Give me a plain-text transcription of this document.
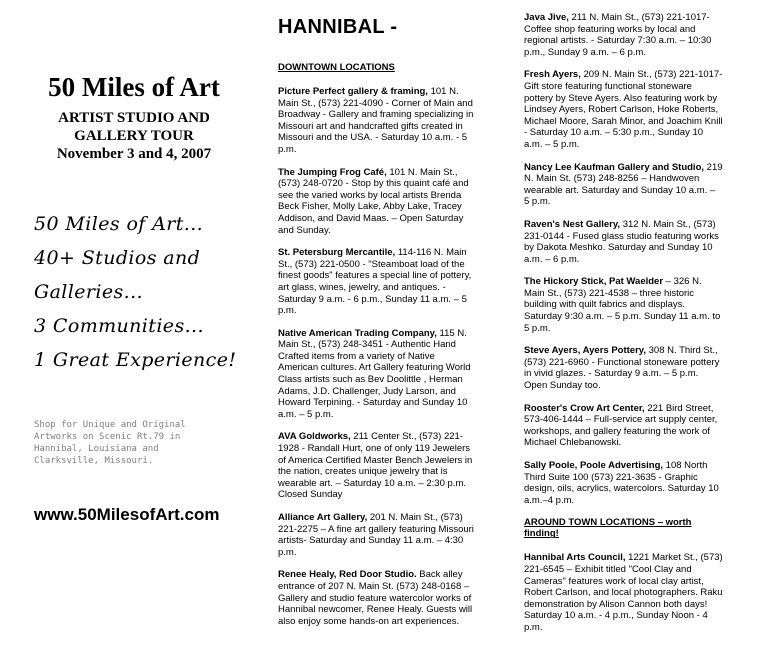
50 Miles of Art
ARTIST STUDIO AND
GALLERY TOUR
November 3 and 4, 2007
50 Miles of Art...
40+ Studios and
Galleries...
3 Communities...
1 Great Experience!
Shop for Unique and Original Artworks on Scenic Rt.79 in Hannibal, Louisiana and Clarksville, Missouri.
www.50MilesofArt.com
HANNIBAL -
DOWNTOWN LOCATIONS

Picture Perfect gallery & framing, 101 N. Main St., (573) 221-4090 - Corner of Main and Broadway - Gallery and framing specializing in Missouri art and handcrafted gifts created in Missouri and the USA. - Saturday 10 a.m. - 5 p.m.

The Jumping Frog Café, 101 N. Main St., (573) 248-0720 - Stop by this quaint café and see the varied works by local artists Brenda Beck Fisher, Molly Lake, Abby Lake, Tracey Addison, and David Maas. – Open Saturday and Sunday.

St. Petersburg Mercantile, 114-116 N. Main St., (573) 221-0500 - "Steamboat load of the finest goods" features a special line of pottery, art glass, wines, jewelry, and antiques. - Saturday 9 a.m. - 6 p.m., Sunday 11 a.m. – 5 p.m.

Native American Trading Company, 115 N. Main St., (573) 248-3451 - Authentic Hand Crafted items from a variety of Native American cultures. Art Gallery featuring World Class artists such as Bev Doolittle , Herman Adams, J.D. Challenger, Judy Larson, and Howard Terpining. - Saturday and Sunday 10 a.m. – 5 p.m.

AVA Goldworks, 211 Center St., (573) 221-1928 - Randall Hurt, one of only 119 Jewelers of America Certified Master Bench Jewelers in the nation, creates unique jewelry that is wearable art. – Saturday 10 a.m. – 2:30 p.m. Closed Sunday

Alliance Art Gallery, 201 N. Main St., (573) 221-2275 – A fine art gallery featuring Missouri artists- Saturday and Sunday 11 a.m. – 4:30 p.m.

Renee Healy, Red Door Studio. Back alley entrance of 207 N. Main St. (573) 248-0168 – Gallery and studio feature watercolor works of Hannibal newcomer, Renee Healy. Guests will also enjoy some hands-on art experiences.

Java Jive, 211 N. Main St., (573) 221-1017- Coffee shop featuring works by local and regional artists. - Saturday 7:30 a.m. – 10:30 p.m., Sunday 9 a.m. – 6 p.m.

Fresh Ayers, 209 N. Main St., (573) 221-1017- Gift store featuring functional stoneware pottery by Steve Ayers. Also featuring work by Lindsey Ayers, Robert Carlson, Hoke Roberts, Michael Moore, Sarah Minor, and Joachim Knill - Saturday 10 a.m. – 5:30 p.m., Sunday 10 a.m. – 5 p.m.

Nancy Lee Kaufman Gallery and Studio, 219 N. Main St. (573) 248-8256 – Handwoven wearable art. Saturday and Sunday 10 a.m. – 5 p.m.

Raven's Nest Gallery, 312 N. Main St., (573) 231-0144 - Fused glass studio featuring works by Dakota Meshko. Saturday and Sunday 10 a.m. – 6 p.m.

The Hickory Stick, Pat Waelder – 326 N. Main St., (573) 221-4538 – three historic building with quilt fabrics and displays. Saturday 9:30 a.m. – 5 p.m. Sunday 11 a.m. to 5 p.m.

Steve Ayers, Ayers Pottery, 308 N. Third St., (573) 221-6960 - Functional stoneware pottery in vivid glazes. - Saturday 9 a.m. – 5 p.m. Open Sunday too.

Rooster's Crow Art Center, 221 Bird Street, 573-406-1444 – Full-service art supply center, workshops, and gallery featuring the work of Michael Chlebanowski.

Sally Poole, Poole Advertising, 108 North Third Suite 100 (573) 221-3635 - Graphic design, oils, acrylics, watercolors. Saturday 10 a.m.–4 p.m.

AROUND TOWN LOCATIONS – worth finding!

Hannibal Arts Council, 1221 Market St., (573) 221-6545 – Exhibit titled "Cool Clay and Cameras" features work of local clay artist, Robert Carlson, and local photographers. Raku demonstration by Alison Cannon both days! Saturday 10 a.m. - 4 p.m., Sunday Noon - 4 p.m.
